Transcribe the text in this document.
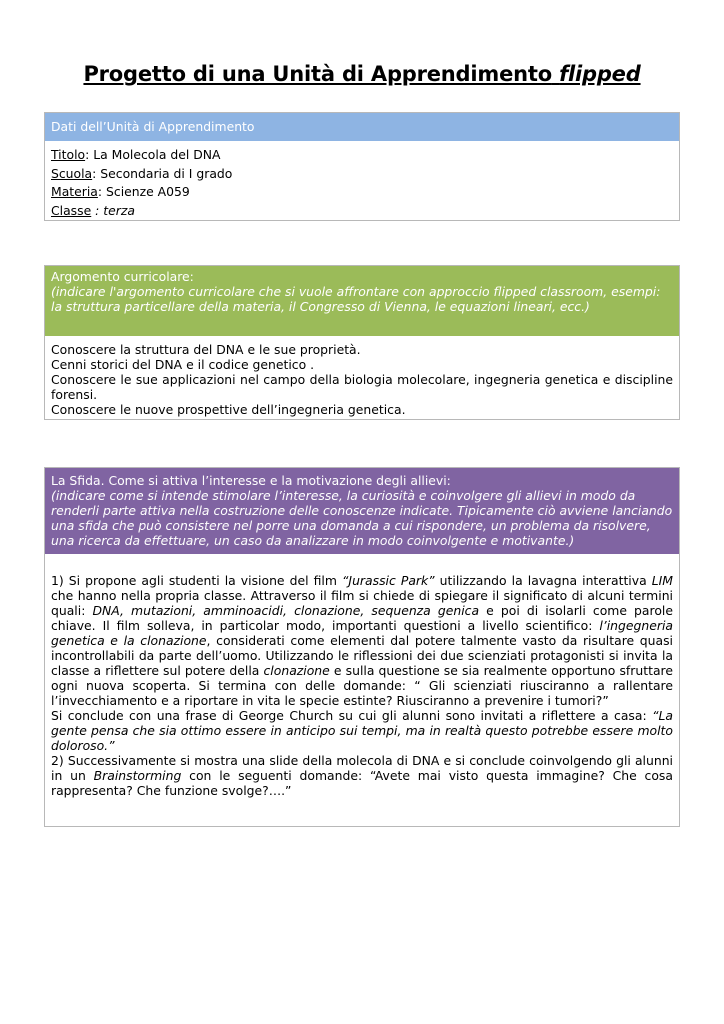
Progetto di una Unità di Apprendimento flipped
Dati dell’Unità di Apprendimento
Titolo: La Molecola del DNA
Scuola: Secondaria di I grado
Materia: Scienze A059
Classe : terza
Argomento curricolare:
(indicare l'argomento curricolare che si vuole affrontare con approccio flipped classroom, esempi: la struttura particellare della materia, il Congresso di Vienna, le equazioni lineari, ecc.)

Conoscere la struttura del DNA e le sue proprietà.

Cenni storici del DNA e il codice genetico .

Conoscere le sue applicazioni nel campo della biologia molecolare, ingegneria genetica e discipline forensi.

Conoscere le nuove prospettive dell’ingegneria genetica.

La Sfida. Come si attiva l’interesse e la motivazione degli allievi:
(indicare come si intende stimolare l’interesse, la curiosità e coinvolgere gli allievi in modo da renderli parte attiva nella costruzione delle conoscenze indicate. Tipicamente ciò avviene lanciando una sfida che può consistere nel porre una domanda a cui rispondere, un problema da risolvere, una ricerca da effettuare, un caso da analizzare in modo coinvolgente e motivante.)

1) Si propone agli studenti la visione del film “Jurassic Park” utilizzando la lavagna interattiva LIM che hanno nella propria classe. Attraverso il film si chiede di spiegare il significato di alcuni termini quali: DNA, mutazioni, amminoacidi, clonazione, sequenza genica e poi di isolarli come parole chiave. Il film solleva, in particolar modo, importanti questioni a livello scientifico: l’ingegneria genetica e la clonazione, considerati come elementi dal potere talmente vasto da risultare quasi incontrollabili da parte dell’uomo. Utilizzando le riflessioni dei due scienziati protagonisti si invita la classe a riflettere sul potere della clonazione e sulla questione se sia realmente opportuno sfruttare ogni nuova scoperta. Si termina con delle domande: “ Gli scienziati riusciranno a rallentare l’invecchiamento e a riportare in vita le specie estinte? Riusciranno a prevenire i tumori?”

Si conclude con una frase di George Church su cui gli alunni sono invitati a riflettere a casa: “La gente pensa che sia ottimo essere in anticipo sui tempi, ma in realtà questo potrebbe essere molto doloroso.”

2) Successivamente si mostra una slide della molecola di DNA e si conclude coinvolgendo gli alunni in un Brainstorming con le seguenti domande: “Avete mai visto questa immagine? Che cosa rappresenta? Che funzione svolge?….”
